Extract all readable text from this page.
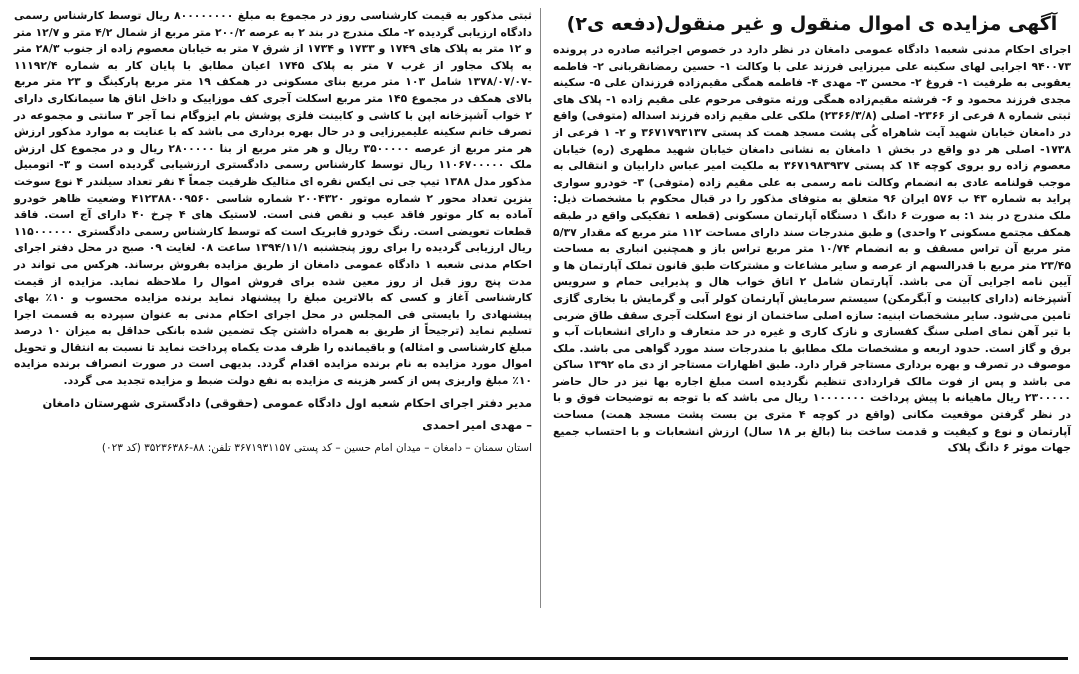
آگهی مزایده ی اموال منقول و غیر منقول(دفعه ی۲)

اجرای احکام مدنی شعبه۱ دادگاه عمومی دامغان در نظر دارد در خصوص اجرائیه صادره در پرونده ۹۴۰۰۷۳ اجرایی لهای سکینه علی میرزایی فرزند علی با وکالت ۱- حسین رمضانقربانی ۲- فاطمه یعقوبی به طرفیت ۱- فروغ ۲- محسن ۳- مهدی ۴- فاطمه همگی مقیم‌زاده فرزندان علی ۵- سکینه مجدی فرزند محمود و ۶- فرشته مقیم‌زاده همگی ورثه متوفی مرحوم علی مقیم زاده ۱- پلاک های ثبتی شماره ۸ فرعی از ۲۳۶۶- اصلی (۲۳۶۶/۳/۸) ملکی علی مقیم زاده فرزند اسداله (متوفی) واقع در دامغان خیابان شهید آیت شاهراه کُی پشت مسجد همت کد پستی ۳۶۷۱۷۹۳۱۳۷ و ۲- ۱ فرعی از ۱۷۳۸- اصلی هر دو واقع در بخش ۱ دامغان به نشانی دامغان خیابان شهید مطهری (ره) خیابان معصوم زاده رو بروی کوچه ۱۴ کد پستی ۳۶۷۱۹۸۳۹۳۷ به ملکیت امیر عباس دارابیان و انتقالی به موجب قولنامه عادی به انضمام وکالت نامه رسمی به علی مقیم زاده (متوفی) ۳- خودرو سواری پراید به شماره ۴۳ ب ۵۷۶ ایران ۹۶ متعلق به متوفای مذکور را در قبال محکوم با مشخصات ذیل: ملک مندرج در بند ۱: به صورت ۶ دانگ ۱ دستگاه آپارتمان مسکونی (قطعه ۱ تفکیکی واقع در طبقه همکف مجتمع مسکونی ۲ واحدی) و طبق مندرجات سند دارای مساحت ۱۱۲ متر مربع که مقدار ۵/۳۷ متر مربع آن تراس مسقف و به انضمام ۱۰/۷۴ متر مربع تراس باز و همچنین انباری به مساحت ۲۳/۴۵ متر مربع با قدرالسهم از عرصه و سایر مشاعات و مشترکات طبق قانون تملک آپارتمان ها و آیین نامه اجرایی آن می باشد. آپارتمان شامل ۲ اتاق خواب هال و پذیرایی حمام و سرویس آشپزخانه (دارای کابینت و آبگرمکن) سیستم سرمایش آپارتمان کولر آبی و گرمایش با بخاری گازی تامین می‌شود. سایر مشخصات ابنیه: سازه اصلی ساختمان از نوع اسکلت آجری سقف طاق ضربی با تیر آهن نمای اصلی سنگ کفسازی و نازک کاری و غیره در حد متعارف و دارای انشعابات آب و برق و گاز است. حدود اربعه و مشخصات ملک مطابق با مندرجات سند مورد گواهی می باشد. ملک موصوف در تصرف و بهره برداری مستاجر قرار دارد. طبق اظهارات مستاجر از دی ماه ۱۳۹۲ ساکن می باشد و پس از فوت مالک قراردادی تنظیم نگردیده است مبلغ اجاره بها نیز در حال حاضر ۲۳۰۰۰۰۰ ریال ماهیانه با پیش پرداخت ۱۰۰۰۰۰۰۰ ریال می باشد که با توجه به توضیحات فوق و با در نظر گرفتن موقعیت مکانی (واقع در کوچه ۴ متری بن بست پشت مسجد همت) مساحت آپارتمان و نوع و کیفیت و قدمت ساخت بنا (بالغ بر ۱۸ سال) ارزش انشعابات و با احتساب جمیع جهات موثر ۶ دانگ پلاک

ثبتی مذکور به قیمت کارشناسی روز در مجموع به مبلغ ۸۰۰۰۰۰۰۰۰ ریال توسط کارشناس رسمی دادگاه ارزیابی گردیده ۲- ملک مندرج در بند ۲ به عرصه ۲۰۰/۲ متر مربع از شمال ۴/۲ متر و ۱۲/۷ متر و ۱۲ متر به پلاک های ۱۷۴۹ و ۱۷۳۳ و ۱۷۳۴ از شرق ۷ متر به خیابان معصوم زاده از جنوب ۲۸/۳ متر به پلاک مجاور از غرب ۷ متر به پلاک ۱۷۴۵ اعیان مطابق با پایان کار به شماره ۱۱۱۹۲/۴ -۱۳۷۸/۰۷/۰۷ شامل ۱۰۳ متر مربع بنای مسکونی در همکف ۱۹ متر مربع پارکینگ و ۲۳ متر مربع بالای همکف در مجموع ۱۴۵ متر مربع اسکلت آجری کف موزاییک و داخل اتاق ها سیمانکاری دارای ۲ خواب آشپزخانه اپن با کاشی و کابینت فلزی پوشش بام ایزوگام نما آجر ۳ سانتی و مجموعه در تصرف خانم سکینه علیمیرزایی و در حال بهره برداری می باشد که با عنایت به موارد مذکور ارزش هر متر مربع از عرصه ۳۵۰۰۰۰۰ ریال و هر متر مربع از بنا ۲۸۰۰۰۰۰ ریال و در مجموع کل ارزش ملک ۱۱۰۶۷۰۰۰۰۰ ریال توسط کارشناس رسمی دادگستری ارزشیابی گردیده است و ۳- اتومبیل مذکور مدل ۱۳۸۸ تیپ جی تی ایکس نقره ای متالیک ظرفیت جمعاً ۴ نفر تعداد سیلندر ۴ نوع سوخت بنزین تعداد محور ۲ شماره موتور ۲۰۰۴۳۲۰ شماره شاسی ۴۱۲۳۸۸۰۰۹۵۶۰ وضعیت ظاهر خودرو آماده به کار موتور فاقد عیب و نقص فنی است. لاستیک های ۴ چرخ ۴۰ دارای آج است. فاقد قطعات تعویضی است. رنگ خودرو فابریک است که توسط کارشناس رسمی دادگستری ۱۱۵۰۰۰۰۰۰ ریال ارزیابی گردیده را برای روز پنجشنبه ۱۳۹۴/۱۱/۱ ساعت ۰۸ لغایت ۰۹ صبح در محل دفتر اجرای احکام مدنی شعبه ۱ دادگاه عمومی دامغان از طریق مزایده بفروش برساند. هرکس می تواند در مدت پنج روز قبل از روز معین شده برای فروش اموال را ملاحظه نماید. مزایده از قیمت کارشناسی آغاز و کسی که بالاترین مبلغ را پیشنهاد نماید برنده مزایده محسوب و ۱۰٪ بهای پیشنهادی را بایستی فی المجلس در محل اجرای احکام مدنی به عنوان سپرده به قسمت اجرا تسلیم نماید (ترجیحاً از طریق به همراه داشتن چک تضمین شده بانکی حداقل به میزان ۱۰ درصد مبلغ کارشناسی و امثاله) و باقیمانده را ظرف مدت یکماه پرداخت نماید تا نسبت به انتقال و تحویل اموال مورد مزایده به نام برنده مزایده اقدام گردد. بدیهی است در صورت انصراف برنده مزایده ۱۰٪ مبلغ واریزی پس از کسر هزینه ی مزایده به نفع دولت ضبط و مزایده تجدید می گردد.

مدیر دفتر اجرای احکام شعبه اول دادگاه عمومی (حقوقی) دادگستری شهرستان دامغان
– مهدی امیر احمدی
استان سمنان – دامغان – میدان امام حسین – کد پستی ۳۶۷۱۹۳۱۱۵۷ تلفن: ۸۸-۳۵۲۳۶۳۸۶ (کد ۰۲۳)
